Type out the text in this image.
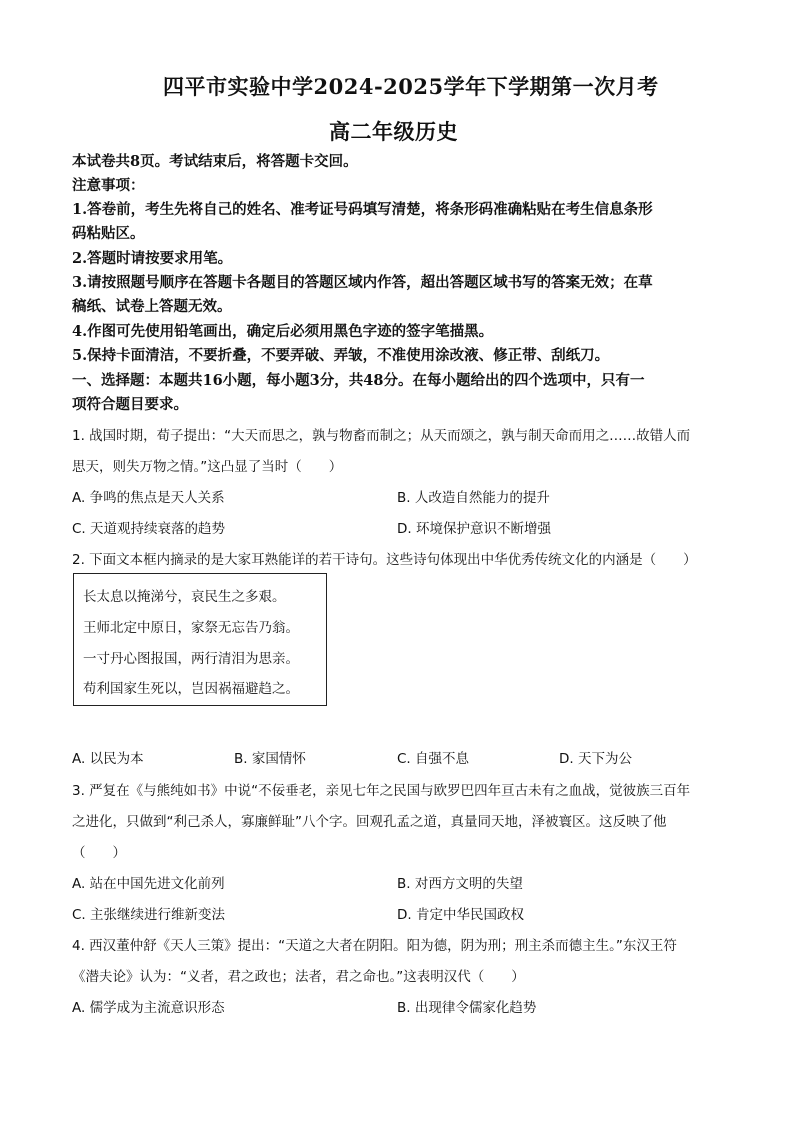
四平市实验中学2024-2025学年下学期第一次月考
高二年级历史
本试卷共8页。考试结束后，将答题卡交回。
注意事项：
1.答卷前，考生先将自己的姓名、准考证号码填写清楚，将条形码准确粘贴在考生信息条形
码粘贴区。
2.答题时请按要求用笔。
3.请按照题号顺序在答题卡各题目的答题区域内作答，超出答题区域书写的答案无效；在草
稿纸、试卷上答题无效。
4.作图可先使用铅笔画出，确定后必须用黑色字迹的签字笔描黑。
5.保持卡面清洁，不要折叠，不要弄破、弄皱，不准使用涂改液、修正带、刮纸刀。
一、选择题：本题共16小题，每小题3分，共48分。在每小题给出的四个选项中，只有一
项符合题目要求。
1. 战国时期，荀子提出：“大天而思之，孰与物畜而制之；从天而颂之，孰与制天命而用之……故错人而
思天，则失万物之情。”这凸显了当时（　　）
A. 争鸣的焦点是天人关系	B. 人改造自然能力的提升
C. 天道观持续衰落的趋势	D. 环境保护意识不断增强
2. 下面文本框内摘录的是大家耳熟能详的若干诗句。这些诗句体现出中华优秀传统文化的内涵是（　　）
长太息以掩涕兮，哀民生之多艰。
王师北定中原日，家祭无忘告乃翁。
一寸丹心图报国，两行清泪为思亲。
苟利国家生死以，岂因祸福避趋之。
A. 以民为本	B. 家国情怀	C. 自强不息	D. 天下为公
3. 严复在《与熊纯如书》中说“不佞垂老，亲见七年之民国与欧罗巴四年亘古未有之血战，觉彼族三百年
之进化，只做到“利己杀人，寡廉鲜耻”八个字。回观孔孟之道，真量同天地，泽被寰区。这反映了他
（　　）
A. 站在中国先进文化前列	B. 对西方文明的失望
C. 主张继续进行维新变法	D. 肯定中华民国政权
4. 西汉董仲舒《天人三策》提出：“天道之大者在阴阳。阳为德，阴为刑；刑主杀而德主生。”东汉王符
《潜夫论》认为：“义者，君之政也；法者，君之命也。”这表明汉代（　　）
A. 儒学成为主流意识形态	B. 出现律令儒家化趋势
